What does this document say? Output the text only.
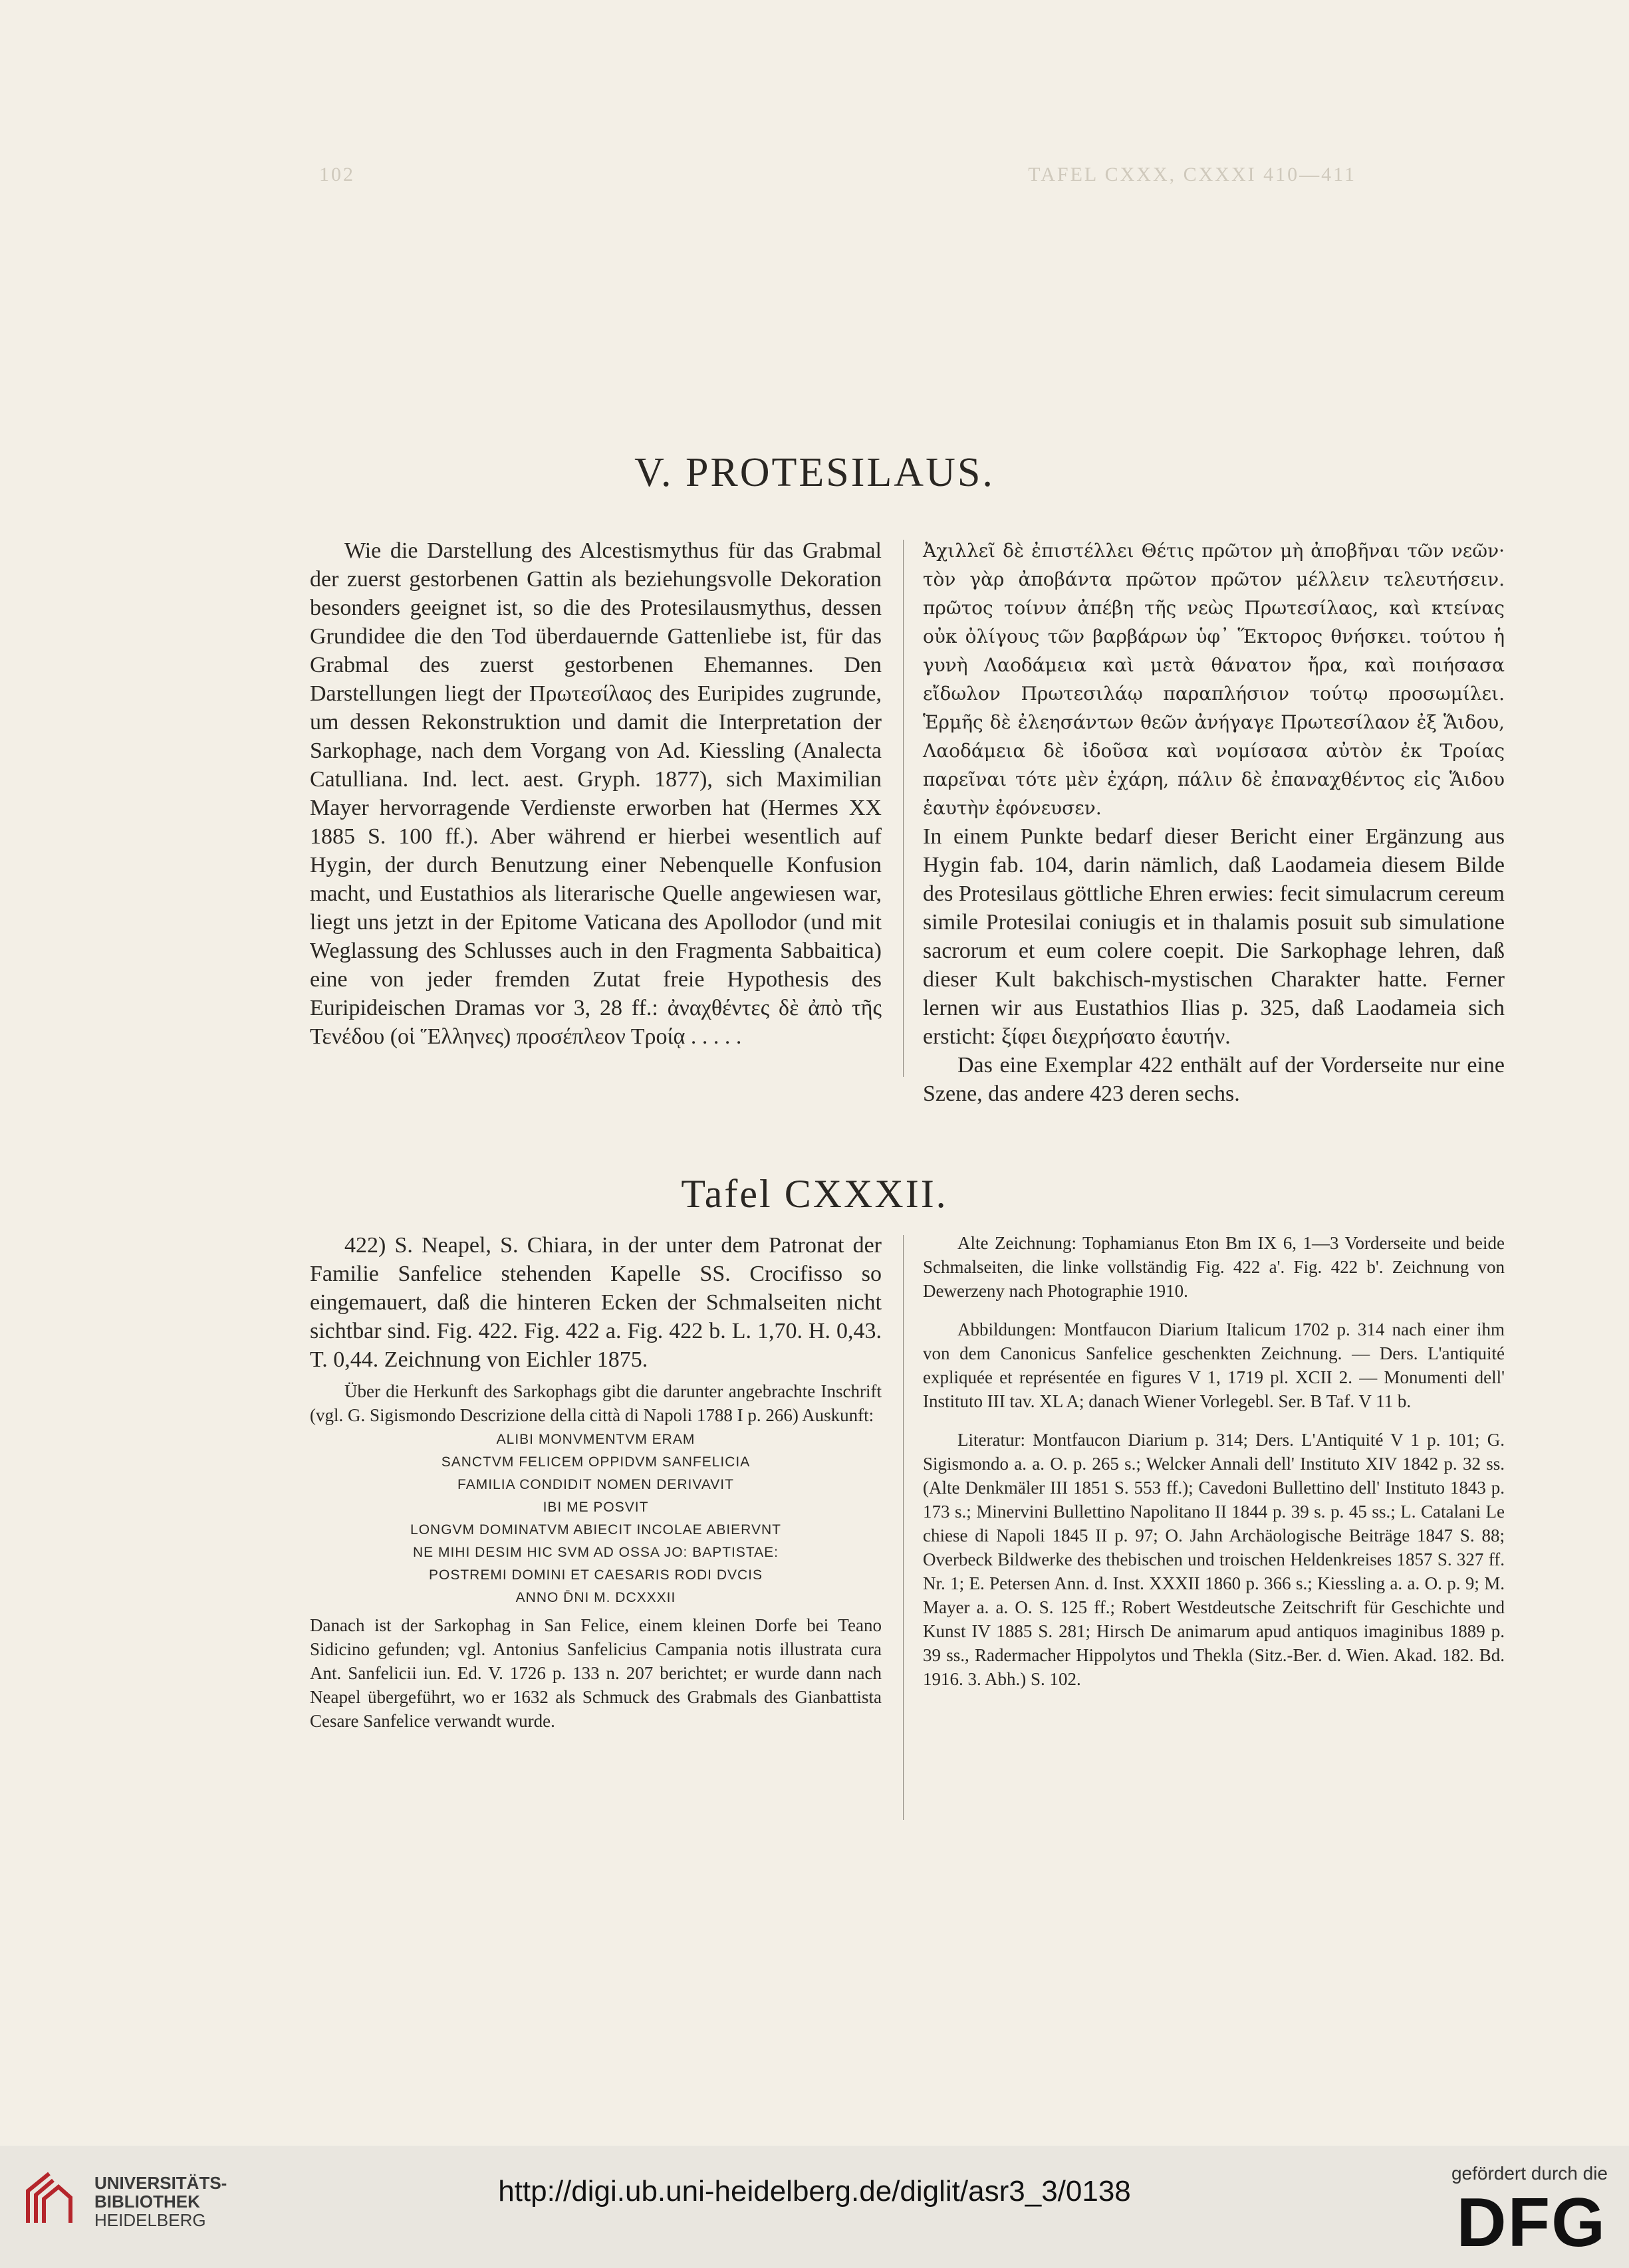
102	TAFEL CXXX, CXXXI 410—411
V. PROTESILAUS.

Wie die Darstellung des Alcestismythus für das Grabmal der zuerst gestorbenen Gattin als beziehungsvolle Dekoration besonders geeignet ist, so die des Protesilausmythus, dessen Grundidee die den Tod überdauernde Gattenliebe ist, für das Grabmal des zuerst gestorbenen Ehemannes. Den Darstellungen liegt der Πρωτεσίλαος des Euripides zugrunde, um dessen Rekonstruktion und damit die Interpretation der Sarkophage, nach dem Vorgang von Ad. Kiessling (Analecta Catulliana. Ind. lect. aest. Gryph. 1877), sich Maximilian Mayer hervorragende Verdienste erworben hat (Hermes XX 1885 S. 100 ff.). Aber während er hierbei wesentlich auf Hygin, der durch Benutzung einer Nebenquelle Konfusion macht, und Eustathios als literarische Quelle angewiesen war, liegt uns jetzt in der Epitome Vaticana des Apollodor (und mit Weglassung des Schlusses auch in den Fragmenta Sabbaitica) eine von jeder fremden Zutat freie Hypothesis des Euripideischen Dramas vor 3, 28 ff.: ἀναχθέντες δὲ ἀπὸ τῆς Τενέδου (οἱ Ἕλληνες) προσέπλεον Τροίᾳ . . . . .

Ἀχιλλεῖ δὲ ἐπιστέλλει Θέτις πρῶτον μὴ ἀποβῆναι τῶν νεῶν· τὸν γὰρ ἀποβάντα πρῶτον πρῶτον μέλλειν τελευτήσειν. πρῶτος τοίνυν ἀπέβη τῆς νεὼς Πρωτεσίλαος, καὶ κτείνας οὐκ ὀλίγους τῶν βαρβάρων ὑφ᾽ Ἕκτορος θνήσκει. τούτου ἡ γυνὴ Λαοδάμεια καὶ μετὰ θάνατον ἤρα, καὶ ποιήσασα εἴδωλον Πρωτεσιλάῳ παραπλήσιον τούτῳ προσωμίλει. Ἑρμῆς δὲ ἐλεησάντων θεῶν ἀνήγαγε Πρωτεσίλαον ἐξ Ἅιδου, Λαοδάμεια δὲ ἰδοῦσα καὶ νομίσασα αὐτὸν ἐκ Τροίας παρεῖναι τότε μὲν ἐχάρη, πάλιν δὲ ἐπαναχθέντος εἰς Ἅιδου ἑαυτὴν ἐφόνευσεν.

In einem Punkte bedarf dieser Bericht einer Ergänzung aus Hygin fab. 104, darin nämlich, daß Laodameia diesem Bilde des Protesilaus göttliche Ehren erwies: fecit simulacrum cereum simile Protesilai coniugis et in thalamis posuit sub simulatione sacrorum et eum colere coepit. Die Sarkophage lehren, daß dieser Kult bakchisch-mystischen Charakter hatte. Ferner lernen wir aus Eustathios Ilias p. 325, daß Laodameia sich ersticht: ξίφει διεχρήσατο ἑαυτήν.

Das eine Exemplar 422 enthält auf der Vorderseite nur eine Szene, das andere 423 deren sechs.

Tafel CXXXII.

422) S. Neapel, S. Chiara, in der unter dem Patronat der Familie Sanfelice stehenden Kapelle SS. Crocifisso so eingemauert, daß die hinteren Ecken der Schmalseiten nicht sichtbar sind. Fig. 422. Fig. 422 a. Fig. 422 b. L. 1,70. H. 0,43. T. 0,44. Zeichnung von Eichler 1875.

Über die Herkunft des Sarkophags gibt die darunter angebrachte Inschrift (vgl. G. Sigismondo Descrizione della città di Napoli 1788 I p. 266) Auskunft:

ALIBI MONVMENTVM ERAM
SANCTVM FELICEM OPPIDVM SANFELICIA
FAMILIA CONDIDIT NOMEN DERIVAVIT
IBI ME POSVIT
LONGVM DOMINATVM ABIECIT INCOLAE ABIERVNT
NE MIHI DESIM HIC SVM AD OSSA JO: BAPTISTAE:
POSTREMI DOMINI ET CAESARIS RODI DVCIS
ANNO D̄NI M. DCXXXII

Danach ist der Sarkophag in San Felice, einem kleinen Dorfe bei Teano Sidicino gefunden; vgl. Antonius Sanfelicius Campania notis illustrata cura Ant. Sanfelicii iun. Ed. V. 1726 p. 133 n. 207 berichtet; er wurde dann nach Neapel übergeführt, wo er 1632 als Schmuck des Grabmals des Gianbattista Cesare Sanfelice verwandt wurde.

Alte Zeichnung: Tophamianus Eton Bm IX 6, 1—3 Vorderseite und beide Schmalseiten, die linke vollständig Fig. 422 a'. Fig. 422 b'. Zeichnung von Dewerzeny nach Photographie 1910.

Abbildungen: Montfaucon Diarium Italicum 1702 p. 314 nach einer ihm von dem Canonicus Sanfelice geschenkten Zeichnung. — Ders. L'antiquité expliquée et représentée en figures V 1, 1719 pl. XCII 2. — Monumenti dell' Instituto III tav. XL A; danach Wiener Vorlegebl. Ser. B Taf. V 11 b.

Literatur: Montfaucon Diarium p. 314; Ders. L'Antiquité V 1 p. 101; G. Sigismondo a. a. O. p. 265 s.; Welcker Annali dell' Instituto XIV 1842 p. 32 ss. (Alte Denkmäler III 1851 S. 553 ff.); Cavedoni Bullettino dell' Instituto 1843 p. 173 s.; Minervini Bullettino Napolitano II 1844 p. 39 s. p. 45 ss.; L. Catalani Le chiese di Napoli 1845 II p. 97; O. Jahn Archäologische Beiträge 1847 S. 88; Overbeck Bildwerke des thebischen und troischen Heldenkreises 1857 S. 327 ff. Nr. 1; E. Petersen Ann. d. Inst. XXXII 1860 p. 366 s.; Kiessling a. a. O. p. 9; M. Mayer a. a. O. S. 125 ff.; Robert Westdeutsche Zeitschrift für Geschichte und Kunst IV 1885 S. 281; Hirsch De animarum apud antiquos imaginibus 1889 p. 39 ss., Radermacher Hippolytos und Thekla (Sitz.-Ber. d. Wien. Akad. 182. Bd. 1916. 3. Abh.) S. 102.

UNIVERSITÄTS-
BIBLIOTHEK
HEIDELBERG
http://digi.ub.uni-heidelberg.de/diglit/asr3_3/0138
gefördert durch die
DFG
